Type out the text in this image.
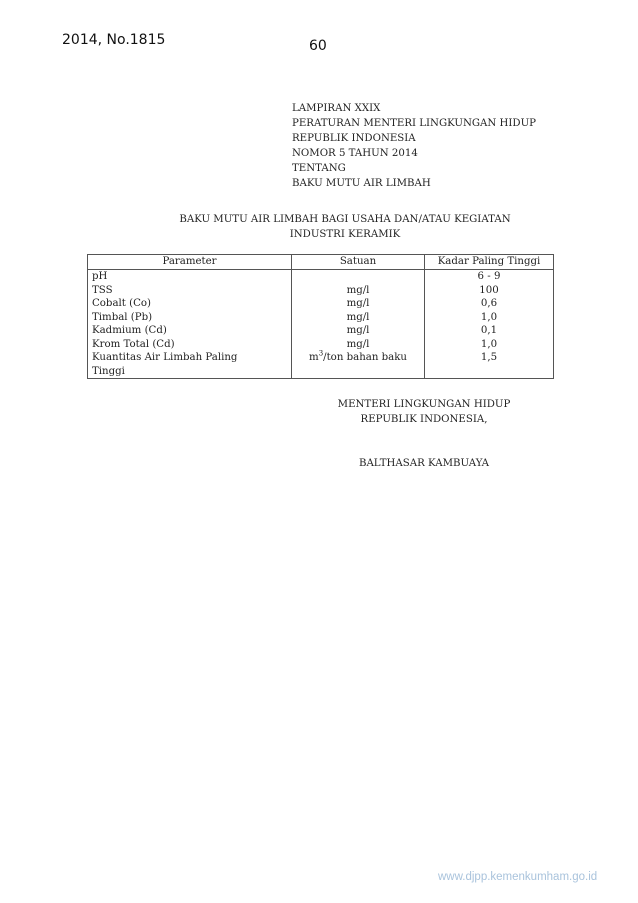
2014, No.1815	60
LAMPIRAN XXIX
PERATURAN MENTERI LINGKUNGAN HIDUP
REPUBLIK INDONESIA
NOMOR 5 TAHUN 2014
TENTANG
BAKU MUTU AIR LIMBAH
BAKU MUTU AIR LIMBAH BAGI USAHA DAN/ATAU KEGIATAN
INDUSTRI KERAMIK
Parameter	Satuan	Kadar Paling Tinggi
pH		6 - 9
TSS	mg/l	100
Cobalt (Co)	mg/l	0,6
Timbal (Pb)	mg/l	1,0
Kadmium (Cd)	mg/l	0,1
Krom Total (Cd)	mg/l	1,0

Kuantitas Air Limbah Paling
Tinggi	$m^3$/ton bahan baku	1,5
MENTERI LINGKUNGAN HIDUP
REPUBLIK INDONESIA,
BALTHASAR KAMBUAYA
www.djpp.kemenkumham.go.id
